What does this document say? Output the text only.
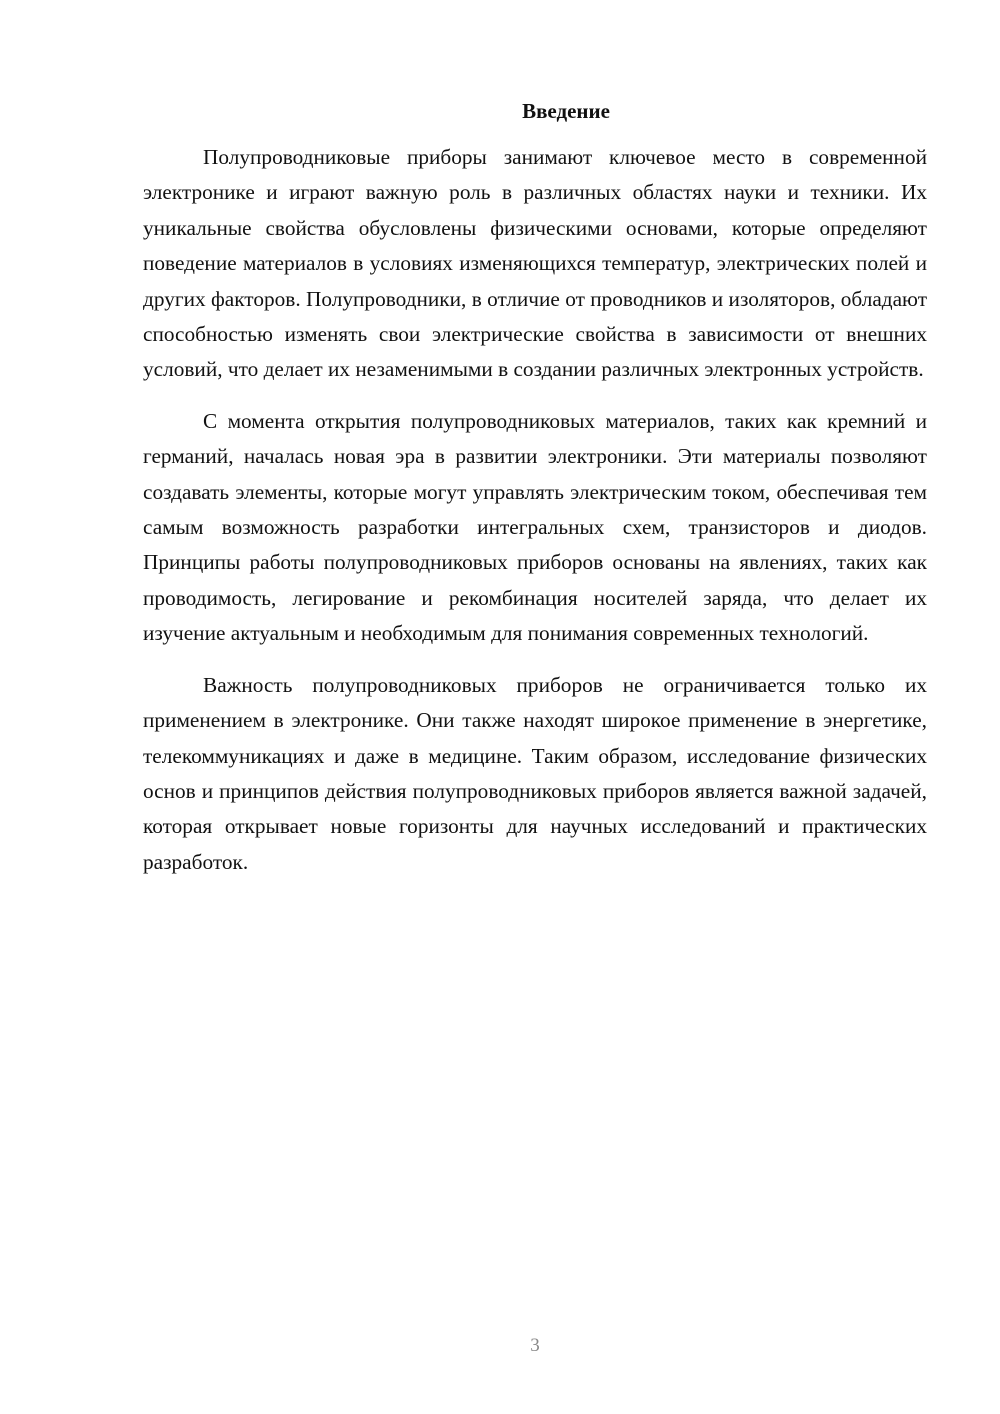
Введение

Полупроводниковые приборы занимают ключевое место в современной электронике и играют важную роль в различных областях науки и техники. Их уникальные свойства обусловлены физическими основами, которые определяют поведение материалов в условиях изменяющихся температур, электрических полей и других факторов. Полупроводники, в отличие от проводников и изоляторов, обладают способностью изменять свои электрические свойства в зависимости от внешних условий, что делает их незаменимыми в создании различных электронных устройств.

С момента открытия полупроводниковых материалов, таких как кремний и германий, началась новая эра в развитии электроники. Эти материалы позволяют создавать элементы, которые могут управлять электрическим током, обеспечивая тем самым возможность разработки интегральных схем, транзисторов и диодов. Принципы работы полупроводниковых приборов основаны на явлениях, таких как проводимость, легирование и рекомбинация носителей заряда, что делает их изучение актуальным и необходимым для понимания современных технологий.

Важность полупроводниковых приборов не ограничивается только их применением в электронике. Они также находят широкое применение в энергетике, телекоммуникациях и даже в медицине. Таким образом, исследование физических основ и принципов действия полупроводниковых приборов является важной задачей, которая открывает новые горизонты для научных исследований и практических разработок.

3
